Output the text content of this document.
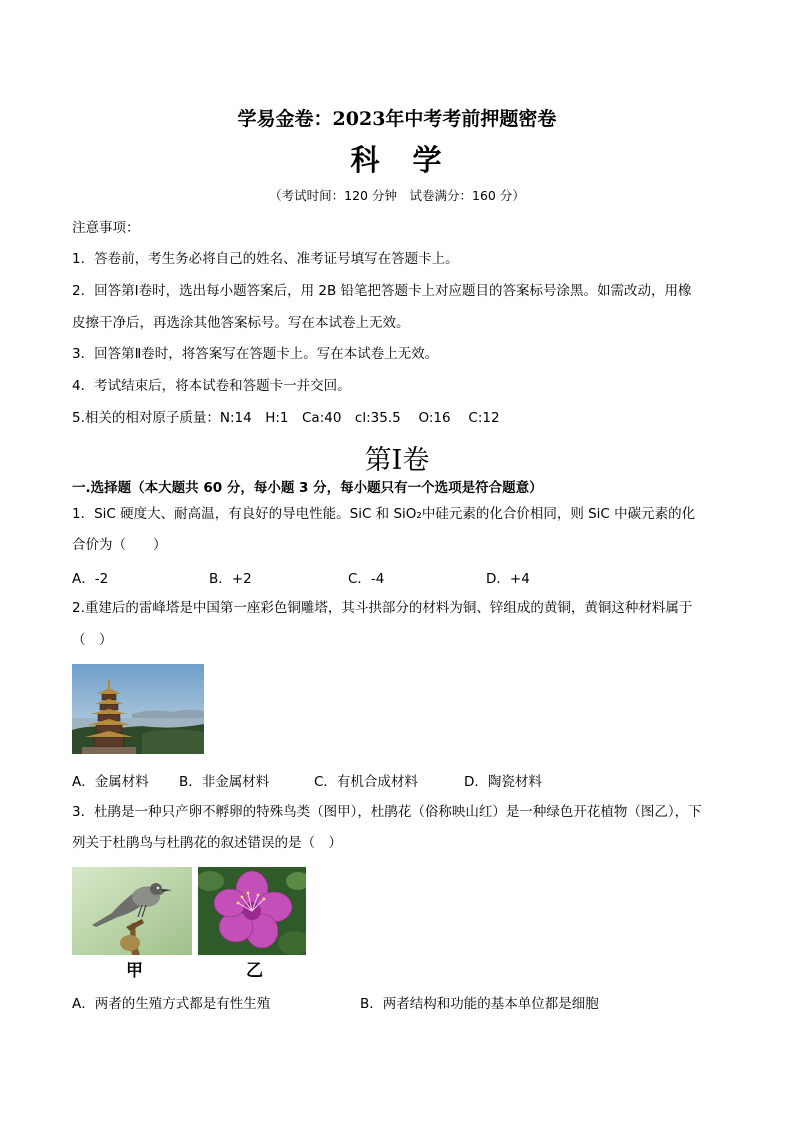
学易金卷：2023年中考考前押题密卷
科　学
（考试时间：120 分钟　试卷满分：160 分）
注意事项：
1．答卷前，考生务必将自己的姓名、准考证号填写在答题卡上。
2．回答第Ⅰ卷时，选出每小题答案后，用 2B 铅笔把答题卡上对应题目的答案标号涂黑。如需改动，用橡
皮擦干净后，再选涂其他答案标号。写在本试卷上无效。
3．回答第Ⅱ卷时，将答案写在答题卡上。写在本试卷上无效。
4．考试结束后，将本试卷和答题卡一并交回。
5.相关的相对原子质量：N:14　H:1　Ca:40　cl:35.5　 O:16　 C:12
第Ⅰ卷
一.选择题（本大题共 60 分，每小题 3 分，每小题只有一个选项是符合题意）
1．SiC 硬度大、耐高温，有良好的导电性能。SiC 和 SiO₂中硅元素的化合价相同，则 SiC 中碳元素的化
合价为（　　）
A．-2	B．+2	C．-4	D．+4
2.重建后的雷峰塔是中国第一座彩色铜雕塔，其斗拱部分的材料为铜、锌组成的黄铜，黄铜这种材料属于
（　）
A．金属材料 B．非金属材料	C．有机合成材料	D．陶瓷材料
3．杜鹃是一种只产卵不孵卵的特殊鸟类（图甲），杜鹃花（俗称映山红）是一种绿色开花植物（图乙），下
列关于杜鹃鸟与杜鹃花的叙述错误的是（　）
甲	乙
A．两者的生殖方式都是有性生殖	B．两者结构和功能的基本单位都是细胞
